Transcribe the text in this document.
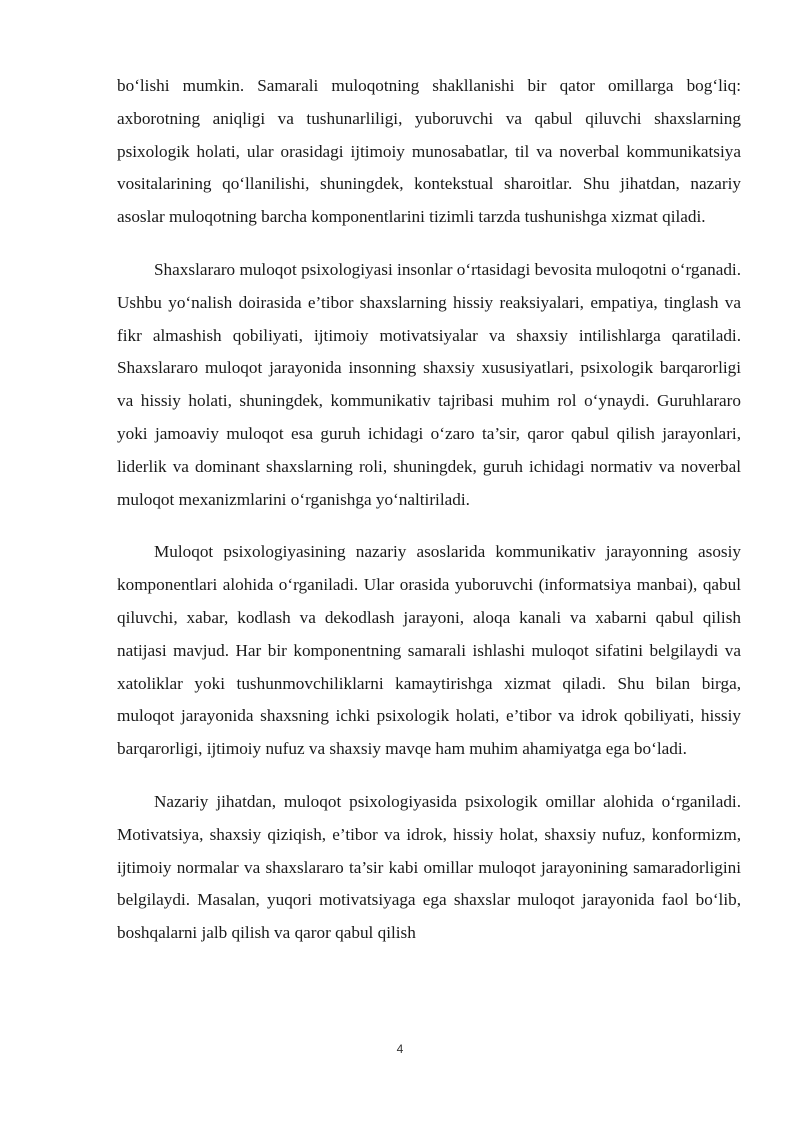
bo‘lishi mumkin. Samarali muloqotning shakllanishi bir qator omillarga bog‘liq: axborotning aniqligi va tushunarliligi, yuboruvchi va qabul qiluvchi shaxslarning psixologik holati, ular orasidagi ijtimoiy munosabatlar, til va noverbal kommunikatsiya vositalarining qo‘llanilishi, shuningdek, kontekstual sharoitlar. Shu jihatdan, nazariy asoslar muloqotning barcha komponentlarini tizimli tarzda tushunishga xizmat qiladi.

Shaxslararo muloqot psixologiyasi insonlar o‘rtasidagi bevosita muloqotni o‘rganadi. Ushbu yo‘nalish doirasida e’tibor shaxslarning hissiy reaksiyalari, empatiya, tinglash va fikr almashish qobiliyati, ijtimoiy motivatsiyalar va shaxsiy intilishlarga qaratiladi. Shaxslararo muloqot jarayonida insonning shaxsiy xususiyatlari, psixologik barqarorligi va hissiy holati, shuningdek, kommunikativ tajribasi muhim rol o‘ynaydi. Guruhlararo yoki jamoaviy muloqot esa guruh ichidagi o‘zaro ta’sir, qaror qabul qilish jarayonlari, liderlik va dominant shaxslarning roli, shuningdek, guruh ichidagi normativ va noverbal muloqot mexanizmlarini o‘rganishga yo‘naltiriladi.

Muloqot psixologiyasining nazariy asoslarida kommunikativ jarayonning asosiy komponentlari alohida o‘rganiladi. Ular orasida yuboruvchi (informatsiya manbai), qabul qiluvchi, xabar, kodlash va dekodlash jarayoni, aloqa kanali va xabarni qabul qilish natijasi mavjud. Har bir komponentning samarali ishlashi muloqot sifatini belgilaydi va xatoliklar yoki tushunmovchiliklarni kamaytirishga xizmat qiladi. Shu bilan birga, muloqot jarayonida shaxsning ichki psixologik holati, e’tibor va idrok qobiliyati, hissiy barqarorligi, ijtimoiy nufuz va shaxsiy mavqe ham muhim ahamiyatga ega bo‘ladi.

Nazariy jihatdan, muloqot psixologiyasida psixologik omillar alohida o‘rganiladi. Motivatsiya, shaxsiy qiziqish, e’tibor va idrok, hissiy holat, shaxsiy nufuz, konformizm, ijtimoiy normalar va shaxslararo ta’sir kabi omillar muloqot jarayonining samaradorligini belgilaydi. Masalan, yuqori motivatsiyaga ega shaxslar muloqot jarayonida faol bo‘lib, boshqalarni jalb qilish va qaror qabul qilish

4
